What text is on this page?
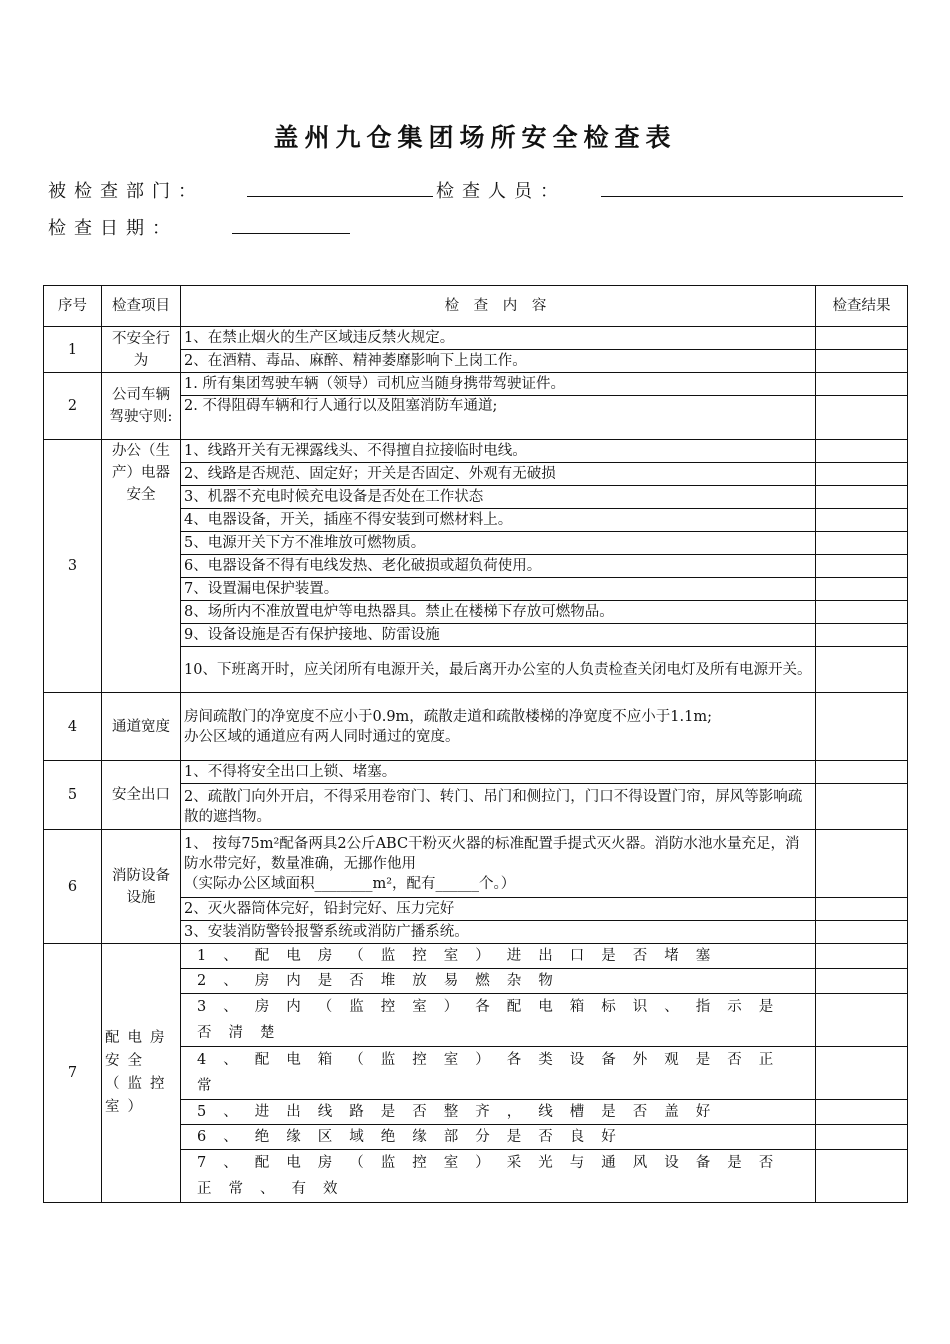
盖州九仓集团场所安全检查表
被检查部门：	检查人员：
检查日期：
序号	检查项目	检 查 内 容	检查结果
1	不安全行为	1、在禁止烟火的生产区域违反禁火规定。	
		2、在酒精、毒品、麻醉、精神萎靡影响下上岗工作。	
2	公司车辆驾驶守则:	1. 所有集团驾驶车辆（领导）司机应当随身携带驾驶证件。	
		2. 不得阻碍车辆和行人通行以及阻塞消防车通道;	
3	办公（生产）电器安全	1、线路开关有无裸露线头、不得擅自拉接临时电线。	
		2、线路是否规范、固定好；开关是否固定、外观有无破损	
		3、机器不充电时候充电设备是否处在工作状态	
		4、电器设备，开关，插座不得安装到可燃材料上。	
		5、电源开关下方不准堆放可燃物质。	
		6、电器设备不得有电线发热、老化破损或超负荷使用。	
		7、设置漏电保护装置。	
		8、场所内不准放置电炉等电热器具。禁止在楼梯下存放可燃物品。	
		9、设备设施是否有保护接地、防雷设施	
		10、下班离开时，应关闭所有电源开关，最后离开办公室的人负责检查关闭电灯及所有电源开关。	
4	通道宽度	房间疏散门的净宽度不应小于0.9m，疏散走道和疏散楼梯的净宽度不应小于1.1m;
办公区域的通道应有两人同时通过的宽度。	
5	安全出口	1、不得将安全出口上锁、堵塞。	
		2、疏散门向外开启，不得采用卷帘门、转门、吊门和侧拉门，门口不得设置门帘，屏风等影响疏散的遮挡物。	
6	消防设备设施	1、 按每75m²配备两具2公斤ABC干粉灭火器的标准配置手提式灭火器。消防水池水量充足，消防水带完好，数量准确，无挪作他用
（实际办公区域面积________m²，配有______个。）	
		2、灭火器筒体完好，铅封完好、压力完好	
		3、安装消防警铃报警系统或消防广播系统。	
7	配电房安全（监控室）	1、配电房（监控室）进出口是否堵塞	
		2、房内是否堆放易燃杂物	
		3、房内（监控室）各配电箱标识、指示是否清楚	
		4、配电箱（监控室）各类设备外观是否正常	
		5、进出线路是否整齐，线槽是否盖好	
		6、绝缘区域绝缘部分是否良好	
		7、配电房（监控室）采光与通风设备是否正常、有效	
